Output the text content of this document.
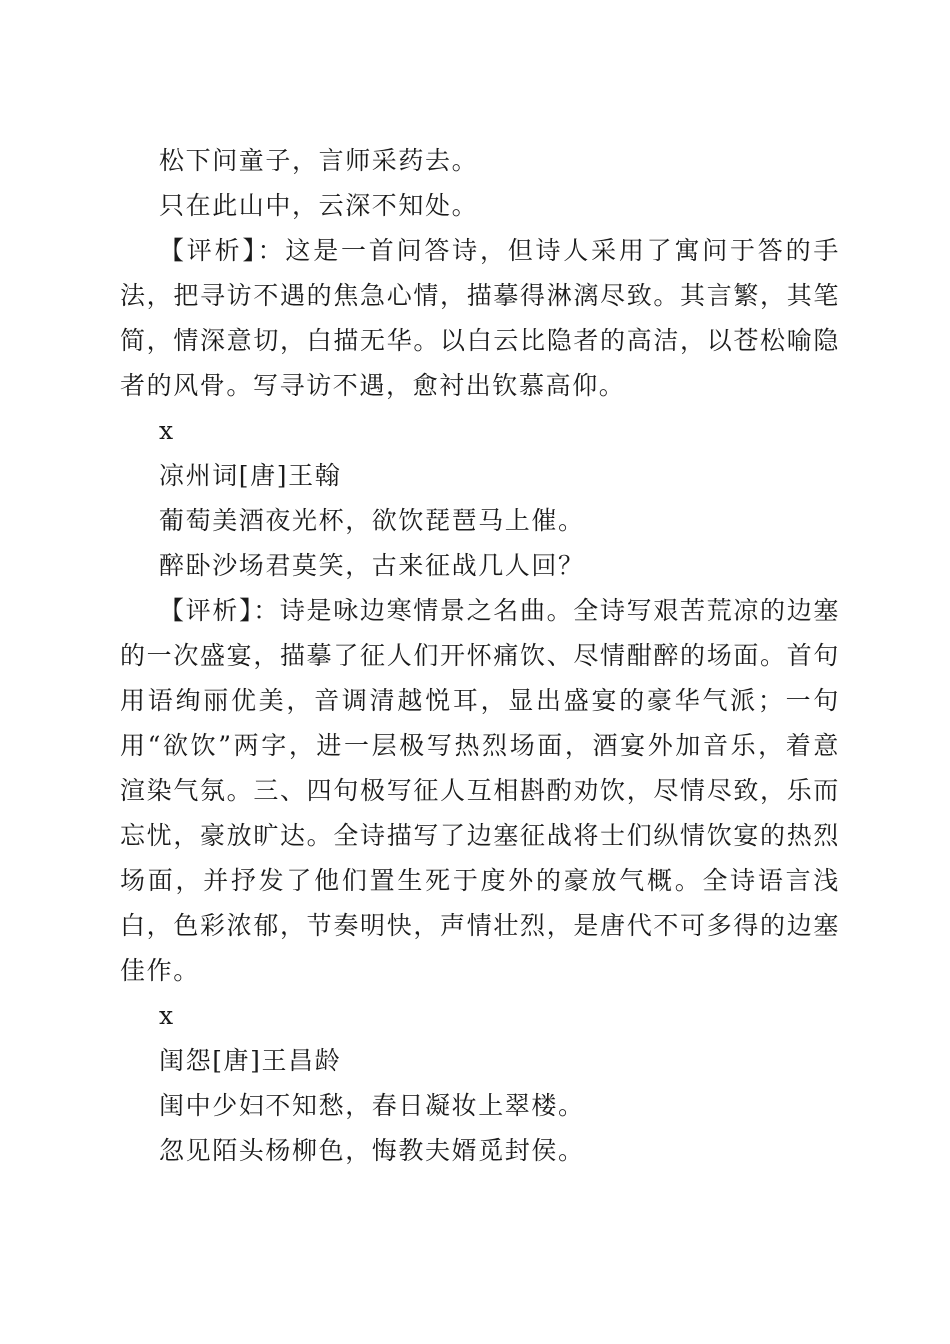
松下问童子，言师采药去。
只在此山中，云深不知处。

【评析】：这是一首问答诗，但诗人采用了寓问于答的手法，把寻访不遇的焦急心情，描摹得淋漓尽致。其言繁，其笔简，情深意切，白描无华。以白云比隐者的高洁，以苍松喻隐者的风骨。写寻访不遇，愈衬出钦慕高仰。

x
凉州词[唐]王翰
葡萄美酒夜光杯，欲饮琵琶马上催。
醉卧沙场君莫笑，古来征战几人回？

【评析】：诗是咏边寒情景之名曲。全诗写艰苦荒凉的边塞的一次盛宴，描摹了征人们开怀痛饮、尽情酣醉的场面。首句用语绚丽优美，音调清越悦耳，显出盛宴的豪华气派；一句用“欲饮”两字，进一层极写热烈场面，酒宴外加音乐，着意渲染气氛。三、四句极写征人互相斟酌劝饮，尽情尽致，乐而忘忧，豪放旷达。全诗描写了边塞征战将士们纵情饮宴的热烈场面，并抒发了他们置生死于度外的豪放气概。全诗语言浅白，色彩浓郁，节奏明快，声情壮烈，是唐代不可多得的边塞佳作。

x
闺怨[唐]王昌龄
闺中少妇不知愁，春日凝妆上翠楼。
忽见陌头杨柳色，悔教夫婿觅封侯。
